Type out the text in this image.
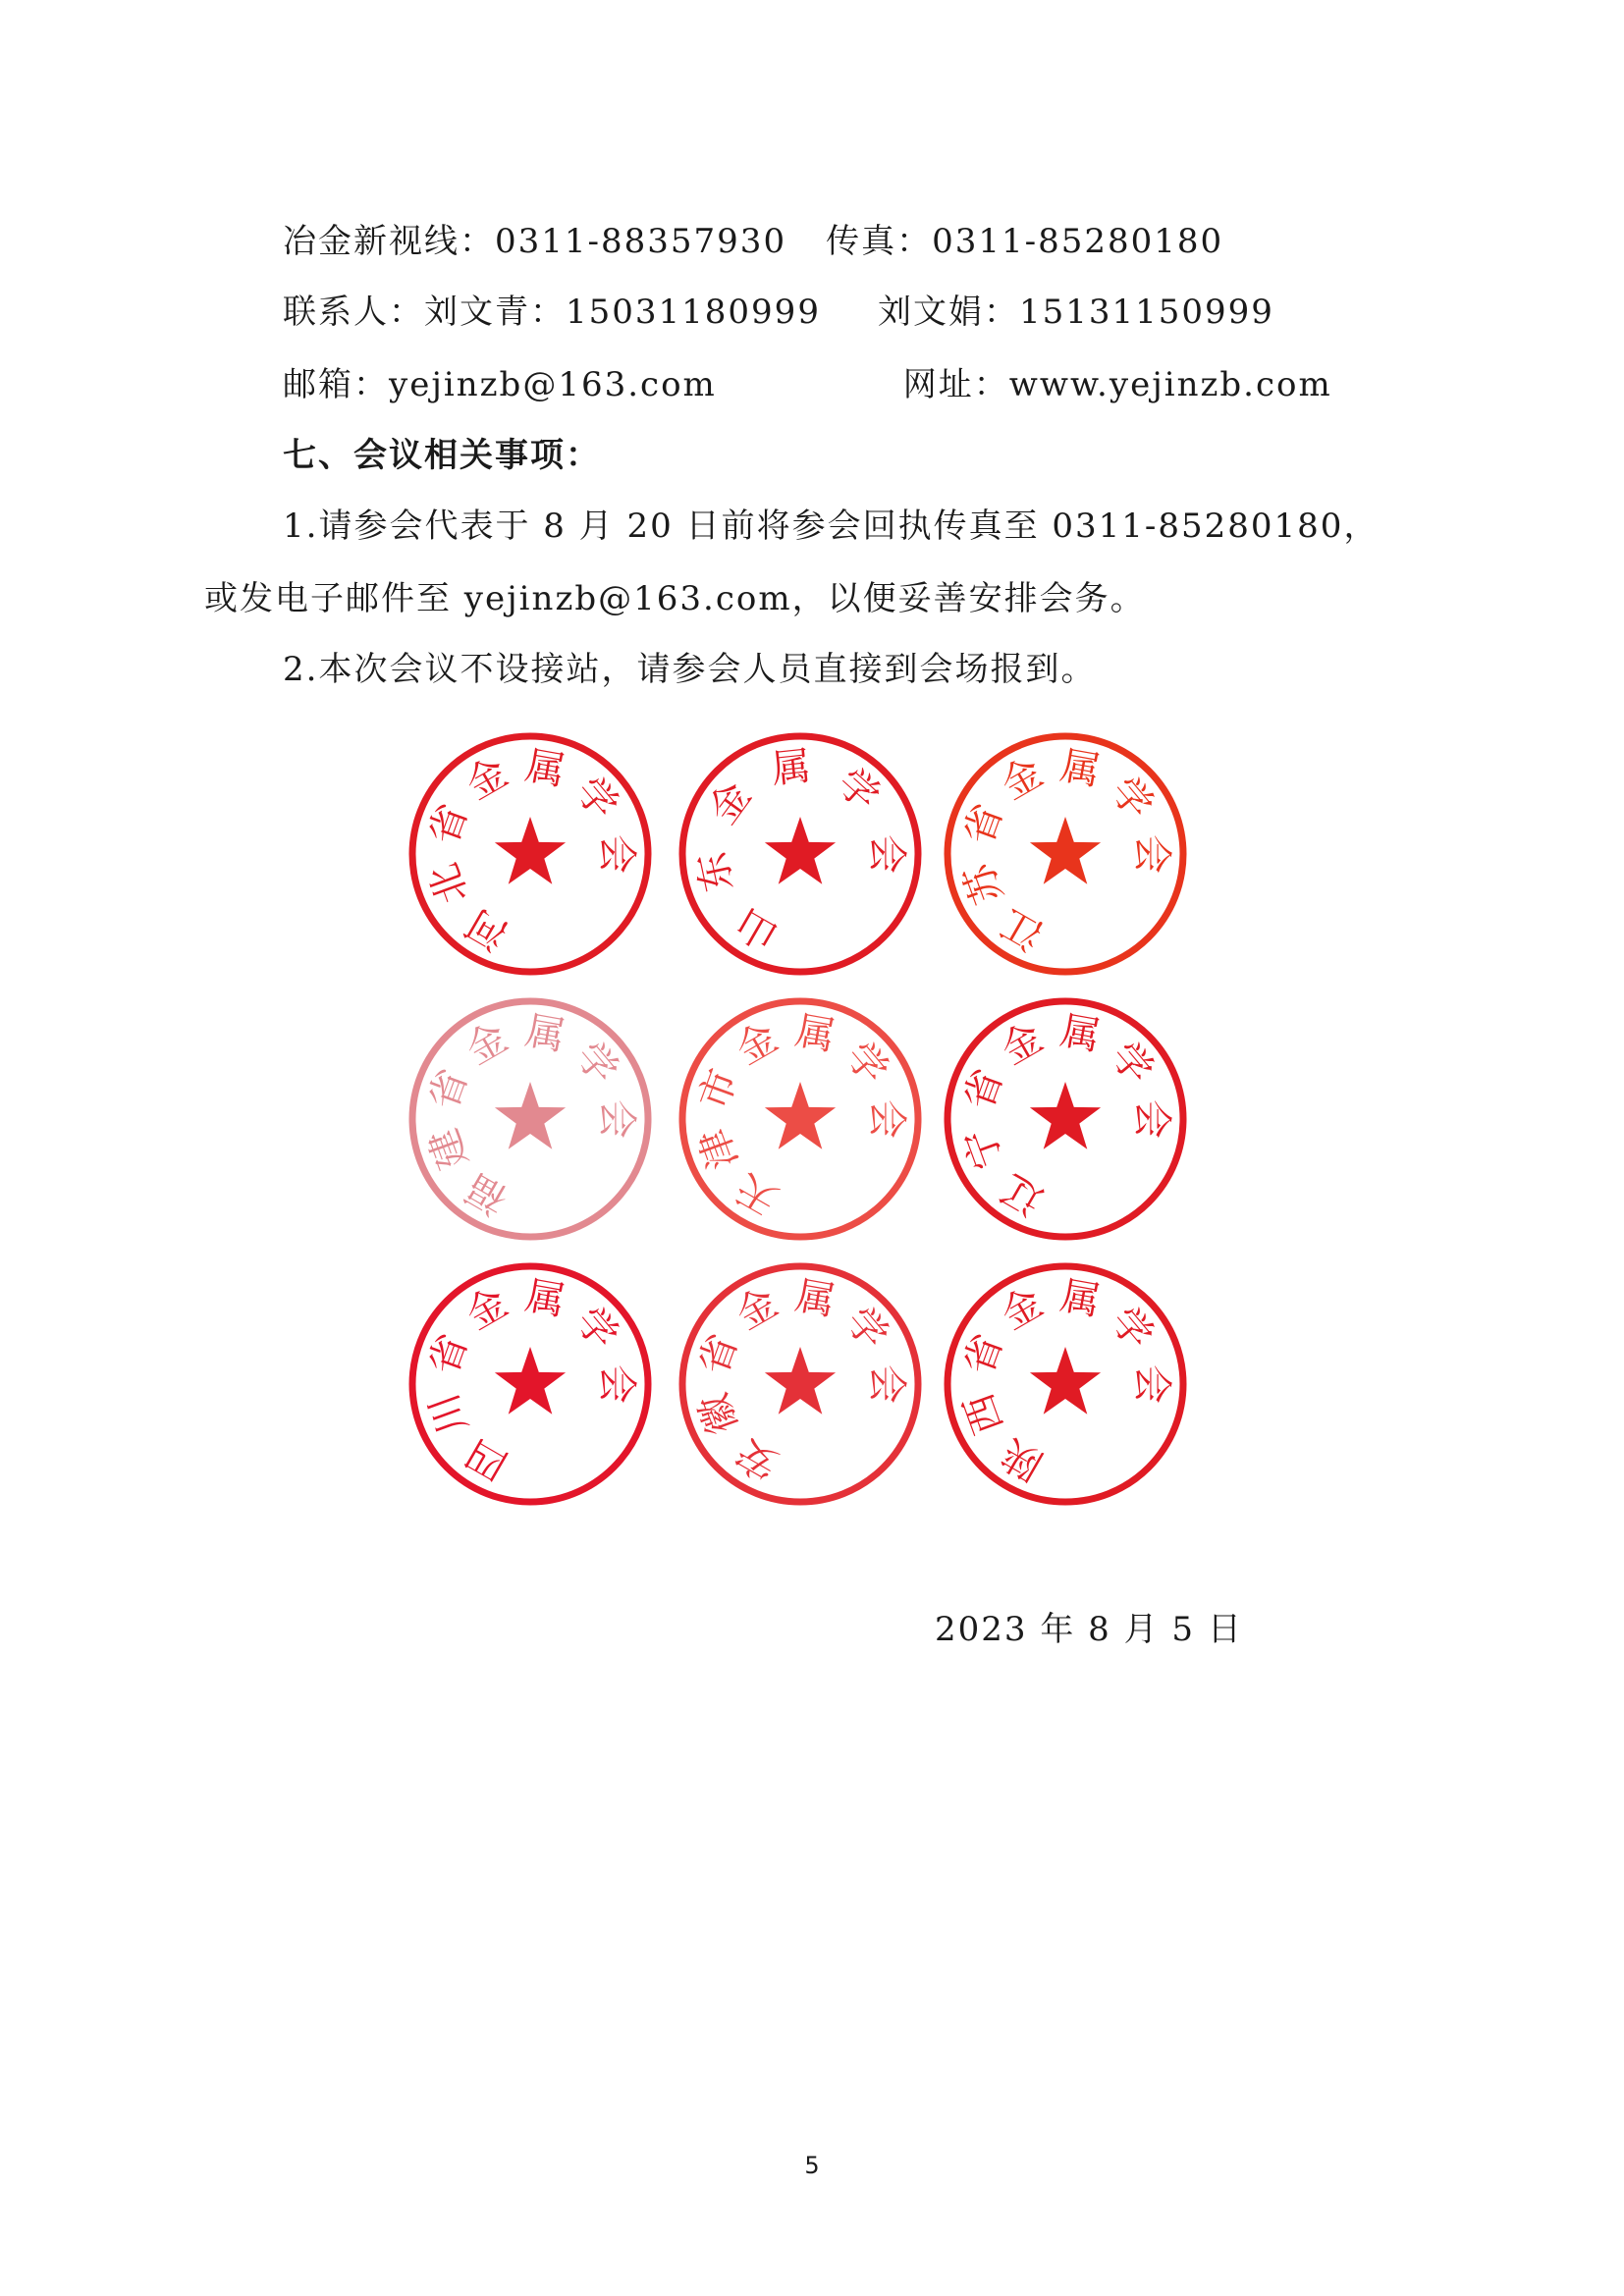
冶金新视线：0311-88357930 传真：0311-85280180
联系人：刘文青：15031180999 刘文娟：15131150999
邮箱：yejinzb@163.com	网址：www.yejinzb.com
七、会议相关事项：
1.请参会代表于 8 月 20 日前将参会回执传真至 0311-85280180，
或发电子邮件至 yejinzb@163.com，以便妥善安排会务。
2.本次会议不设接站，请参会人员直接到会场报到。
河
北
省
金 属
学
会
山
东
金
属 学
会
江
苏
省
金 属
学
会
福
建
省
金 属
学
会
天
津
市
金 属
学
会
辽
宁
省
金 属
学
会
四
川
省
金 属
学
会
安
徽
省
金 属
学
会
陕
西
省
金 属
学
会
2023 年 8 月 5 日
5
